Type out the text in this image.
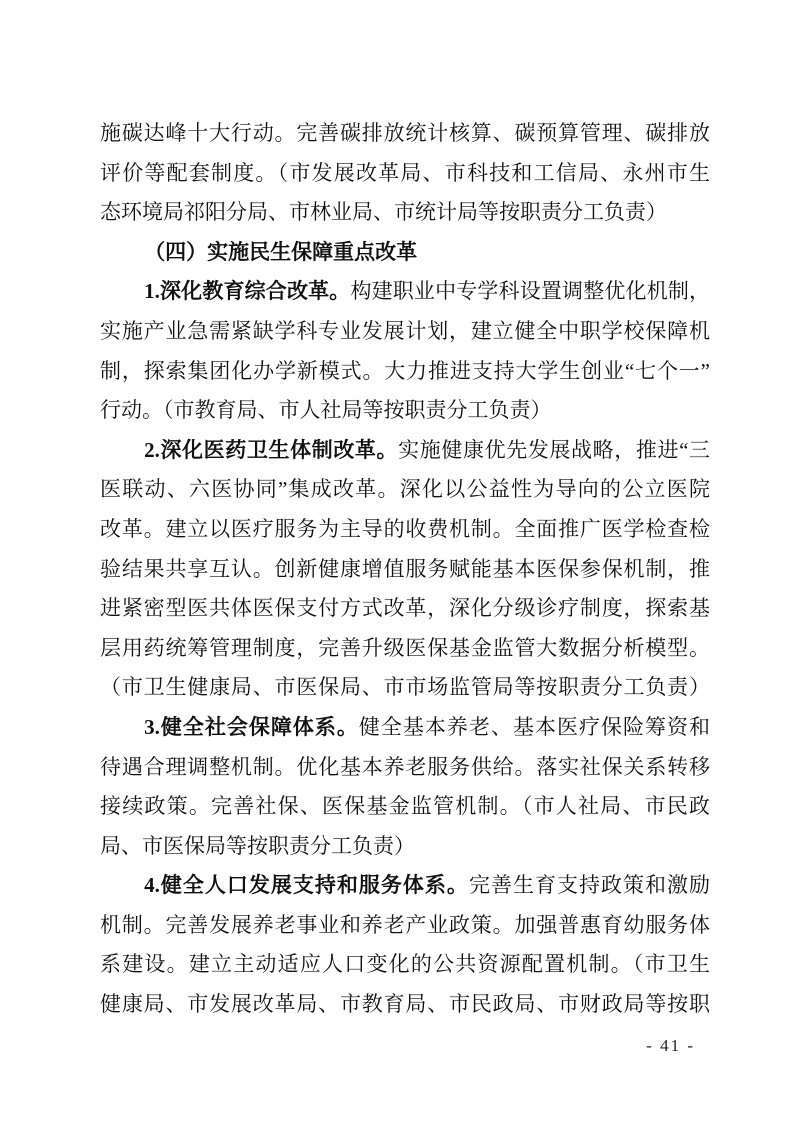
施碳达峰十大行动。完善碳排放统计核算、碳预算管理、碳排放
评价等配套制度。（市发展改革局、市科技和工信局、永州市生
态环境局祁阳分局、市林业局、市统计局等按职责分工负责）
（四）实施民生保障重点改革
1.深化教育综合改革。构建职业中专学科设置调整优化机制，
实施产业急需紧缺学科专业发展计划，建立健全中职学校保障机
制，探索集团化办学新模式。大力推进支持大学生创业“七个一”
行动。（市教育局、市人社局等按职责分工负责）
2.深化医药卫生体制改革。实施健康优先发展战略，推进“三
医联动、六医协同”集成改革。深化以公益性为导向的公立医院
改革。建立以医疗服务为主导的收费机制。全面推广医学检查检
验结果共享互认。创新健康增值服务赋能基本医保参保机制，推
进紧密型医共体医保支付方式改革，深化分级诊疗制度，探索基
层用药统筹管理制度，完善升级医保基金监管大数据分析模型。
（市卫生健康局、市医保局、市市场监管局等按职责分工负责）
3.健全社会保障体系。健全基本养老、基本医疗保险筹资和
待遇合理调整机制。优化基本养老服务供给。落实社保关系转移
接续政策。完善社保、医保基金监管机制。（市人社局、市民政
局、市医保局等按职责分工负责）
4.健全人口发展支持和服务体系。完善生育支持政策和激励
机制。完善发展养老事业和养老产业政策。加强普惠育幼服务体
系建设。建立主动适应人口变化的公共资源配置机制。（市卫生
健康局、市发展改革局、市教育局、市民政局、市财政局等按职
- 41 -
